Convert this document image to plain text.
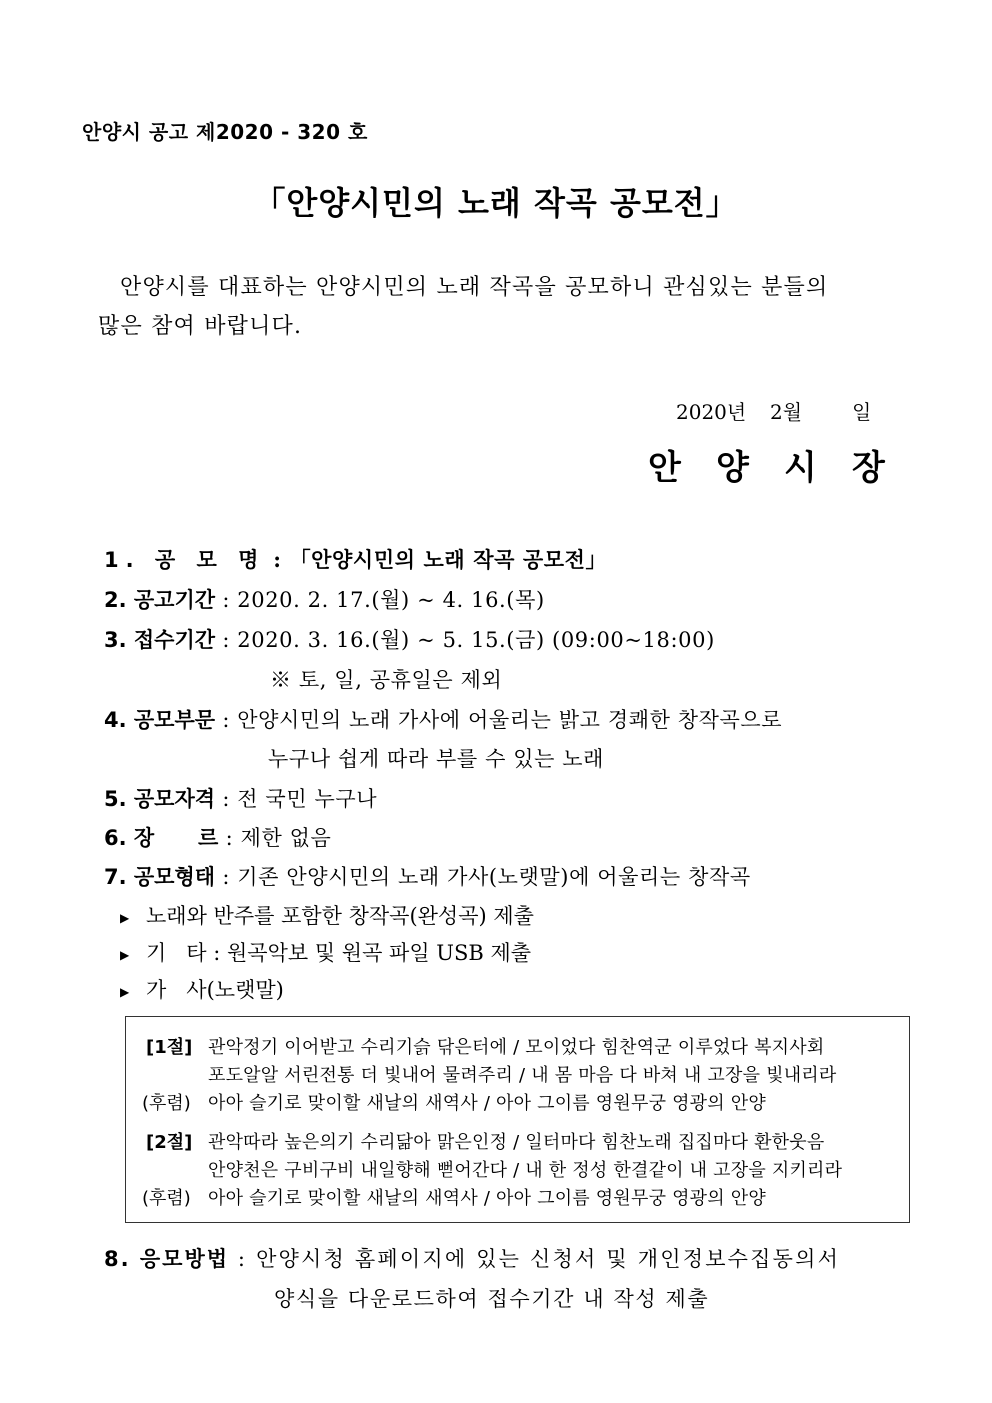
안양시 공고 제2020 - 320 호
「안양시민의 노래 작곡 공모전」
안양시를 대표하는 안양시민의 노래 작곡을 공모하니 관심있는 분들의
많은 참여 바랍니다.
2020년 2월 일
안 양 시 장
1. 공 모 명 : 「안양시민의 노래 작곡 공모전」
2. 공고기간 : 2020. 2. 17.(월) ~ 4. 16.(목)
3. 접수기간 : 2020. 3. 16.(월) ~ 5. 15.(금) (09:00~18:00)
※ 토, 일, 공휴일은 제외
4. 공모부문 : 안양시민의 노래 가사에 어울리는 밝고 경쾌한 창작곡으로
누구나 쉽게 따라 부를 수 있는 노래
5. 공모자격 : 전 국민 누구나
6. 장      르 : 제한 없음
7. 공모형태 : 기존 안양시민의 노래 가사(노랫말)에 어울리는 창작곡
▶ 노래와 반주를 포함한 창작곡(완성곡) 제출
▶ 기   타 : 원곡악보 및 원곡 파일 USB 제출
▶ 가   사(노랫말)
[1절] 관악정기 이어받고 수리기슭 닦은터에 / 모이었다 힘찬역군 이루었다 복지사회
포도알알 서린전통 더 빛내어 물려주리 / 내 몸 마음 다 바쳐 내 고장을 빛내리라
(후렴) 아아 슬기로 맞이할 새날의 새역사 / 아아 그이름 영원무궁 영광의 안양
[2절] 관악따라 높은의기 수리닮아 맑은인정 / 일터마다 힘찬노래 집집마다 환한웃음
안양천은 구비구비 내일향해 뻗어간다 / 내 한 정성 한결같이 내 고장을 지키리라
(후렴) 아아 슬기로 맞이할 새날의 새역사 / 아아 그이름 영원무궁 영광의 안양
8. 응모방법 : 안양시청 홈페이지에 있는 신청서 및 개인정보수집동의서
양식을 다운로드하여 접수기간 내 작성 제출
